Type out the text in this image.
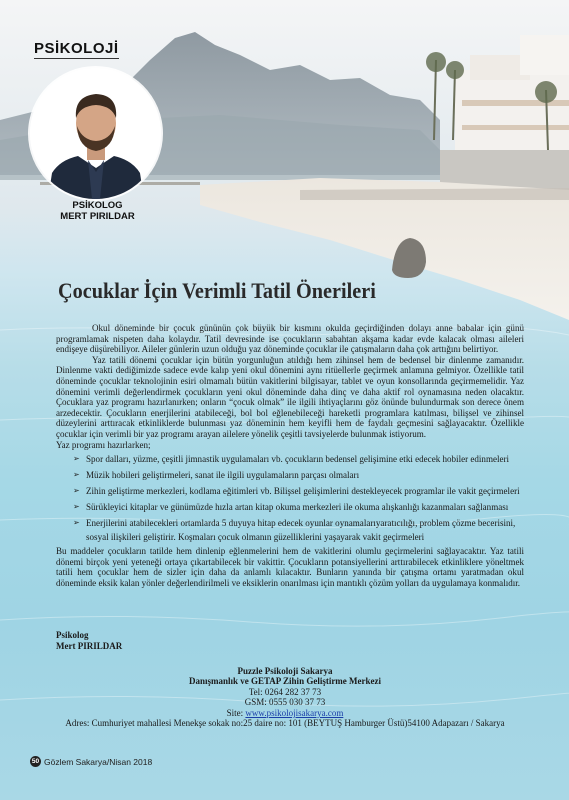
PSİKOLOJİ
PSİKOLOG
MERT PIRILDAR
Çocuklar İçin Verimli Tatil Önerileri

Okul döneminde bir çocuk gününün çok büyük bir kısmını okulda geçirdiğinden dolayı anne babalar için günü programlamak nispeten daha kolaydır. Tatil devresinde ise çocukların sabahtan akşama kadar evde kalacak olması aileleri endişeye düşürebiliyor. Aileler günlerin uzun olduğu yaz döneminde çocuklar ile çatışmaların daha çok arttığını belirtiyor.

Yaz tatili dönemi çocuklar için bütün yorgunluğun atıldığı hem zihinsel hem de bedensel bir dinlenme zamanıdır. Dinlenme vakti dediğimizde sadece evde kalıp yeni okul dönemini aynı ritüellerle geçirmek anlamına gelmiyor. Özellikle tatil döneminde çocuklar teknolojinin esiri olmamalı bütün vakitlerini bilgisayar, tablet ve oyun konsollarında geçirmemelidir. Yaz dönemini verimli değerlendirmek çocukların yeni okul döneminde daha dinç ve daha aktif rol oynamasına neden olacaktır. Çocuklara yaz programı hazırlanırken; onların “çocuk olmak” ile ilgili ihtiyaçlarını göz önünde bulundurmak son derece önem arzedecektir. Çocukların enerjilerini atabileceği, bol bol eğlenebileceği hareketli programlara katılması, bilişsel ve zihinsel düzeylerini arttıracak etkinliklerde bulunması yaz döneminin hem keyifli hem de faydalı geçmesini sağlayacaktır. Özellikle çocuklar için verimli bir yaz programı arayan ailelere yönelik çeşitli tavsiyelerde bulunmak istiyorum.

Yaz programı hazırlarken;

➢ Spor dalları, yüzme, çeşitli jimnastik uygulamaları vb. çocukların bedensel gelişimine etki edecek hobiler edinmeleri
➢ Müzik hobileri geliştirmeleri, sanat ile ilgili uygulamaların parçası olmaları
➢ Zihin geliştirme merkezleri, kodlama eğitimleri vb. Bilişsel gelişimlerini destekleyecek programlar ile vakit geçirmeleri
➢ Sürükleyici kitaplar ve günümüzde hızla artan kitap okuma merkezleri ile okuma alışkanlığı kazanmaları sağlanması
➢ Enerjilerini atabilecekleri ortamlarda 5 duyuya hitap edecek oyunlar oynamalarıyaratıcılığı, problem çözme becerisini, sosyal ilişkileri geliştirir. Koşmaları çocuk olmanın güzelliklerini yaşayarak vakit geçirmeleri

Bu maddeler çocukların tatilde hem dinlenip eğlenmelerini hem de vakitlerini olumlu geçirmelerini sağlayacaktır. Yaz tatili dönemi birçok yeni yeteneği ortaya çıkartabilecek bir vakittir. Çocukların potansiyellerini arttırabilecek etkinliklere yöneltmek tatili hem çocuklar hem de sizler için daha da anlamlı kılacaktır. Bunların yanında bir çatışma ortamı yaratmadan okul döneminde eksik kalan yönler değerlendirilmeli ve eksiklerin onarılması için mantıklı çözüm yolları da uygulamaya konmalıdır.

Psikolog
Mert PIRILDAR
Puzzle Psikoloji Sakarya
Danışmanlık ve GETAP Zihin Geliştirme Merkezi
Tel: 0264 282 37 73
GSM: 0555 030 37 73
Site: www.psikolojisakarya.com
Adres: Cumhuriyet mahallesi Menekşe sokak no:25 daire no: 101 (BEYTUŞ Hamburger Üstü)54100 Adapazarı / Sakarya
50 Gözlem Sakarya/Nisan 2018
